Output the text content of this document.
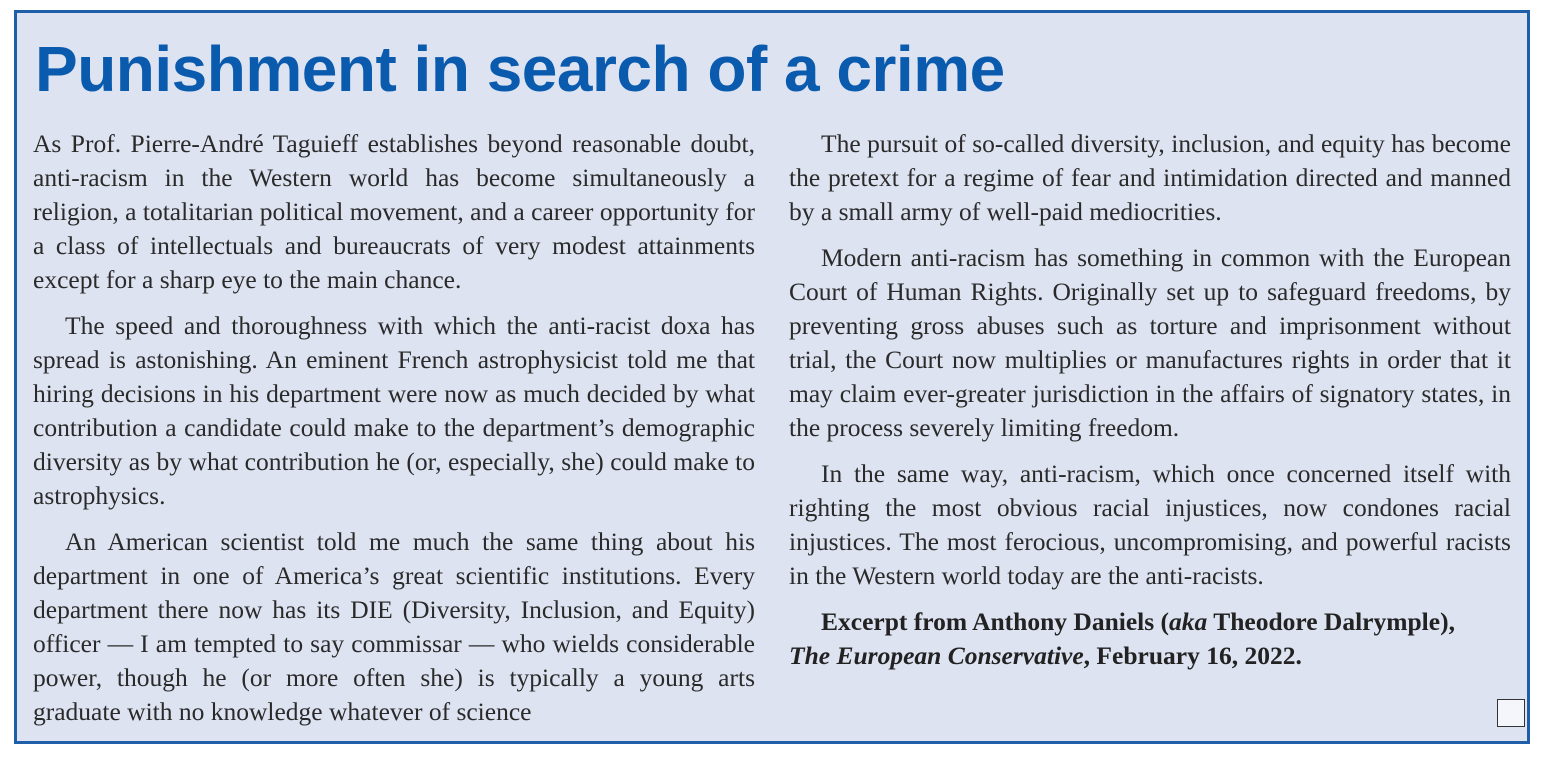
Punishment in search of a crime

As Prof. Pierre-André Taguieff establishes beyond reasonable doubt, anti-racism in the Western world has become simultaneously a religion, a totalitarian political movement, and a career opportunity for a class of intellectuals and bureaucrats of very modest attainments except for a sharp eye to the main chance.

The speed and thoroughness with which the anti-racist doxa has spread is astonishing. An eminent French astrophysicist told me that hiring decisions in his department were now as much decided by what contribution a candidate could make to the department’s demographic diversity as by what contribution he (or, especially, she) could make to astrophysics.

An American scientist told me much the same thing about his department in one of America’s great scientific institutions. Every department there now has its DIE (Diversity, Inclusion, and Equity) officer — I am tempted to say commissar — who wields considerable power, though he (or more often she) is typically a young arts graduate with no knowledge whatever of science

The pursuit of so-called diversity, inclusion, and equity has become the pretext for a regime of fear and intimidation directed and manned by a small army of well-paid mediocrities.

Modern anti-racism has something in common with the European Court of Human Rights. Originally set up to safeguard freedoms, by preventing gross abuses such as torture and imprisonment without trial, the Court now multiplies or manufactures rights in order that it may claim ever-greater jurisdiction in the affairs of signatory states, in the process severely limiting freedom.

In the same way, anti-racism, which once concerned itself with righting the most obvious racial injustices, now condones racial injustices. The most ferocious, uncompromising, and powerful racists in the Western world today are the anti-racists.

Excerpt from Anthony Daniels (aka Theodore Dalrymple),
The European Conservative, February 16, 2022.
